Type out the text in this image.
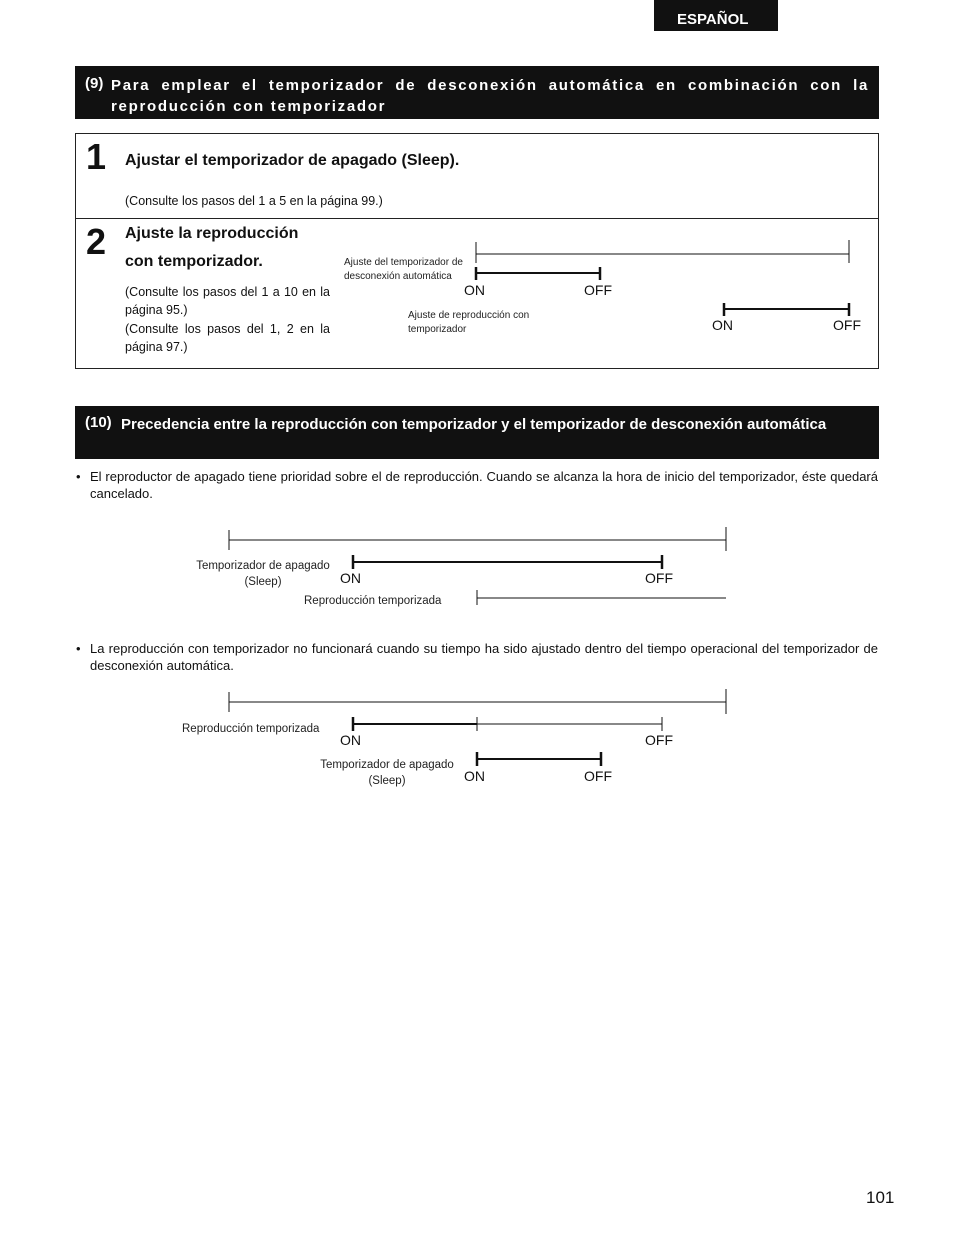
ESPAÑOL
(9) Para emplear el temporizador de desconexión automática en combinación con la reproducción con temporizador
1 Ajustar el temporizador de apagado (Sleep).
(Consulte los pasos del 1 a 5 en la página 99.)
2 Ajuste la reproducción
con temporizador.
(Consulte los pasos del 1 a 10 en la página 95.)
(Consulte los pasos del 1, 2 en la página 97.)
Ajuste del temporizador de desconexión automática
Ajuste de reproducción con temporizador
ON	OFF
ON	OFF
(10) Precedencia entre la reproducción con temporizador y el temporizador de desconexión automática
• El reproductor de apagado tiene prioridad sobre el de reproducción. Cuando se alcanza la hora de inicio del temporizador, éste quedará cancelado.
Temporizador de apagado (Sleep)
Reproducción temporizada
ON	OFF
• La reproducción con temporizador no funcionará cuando su tiempo ha sido ajustado dentro del tiempo operacional del temporizador de desconexión automática.
Reproducción temporizada
ON	OFF
Temporizador de apagado (Sleep)	ON	OFF
101
